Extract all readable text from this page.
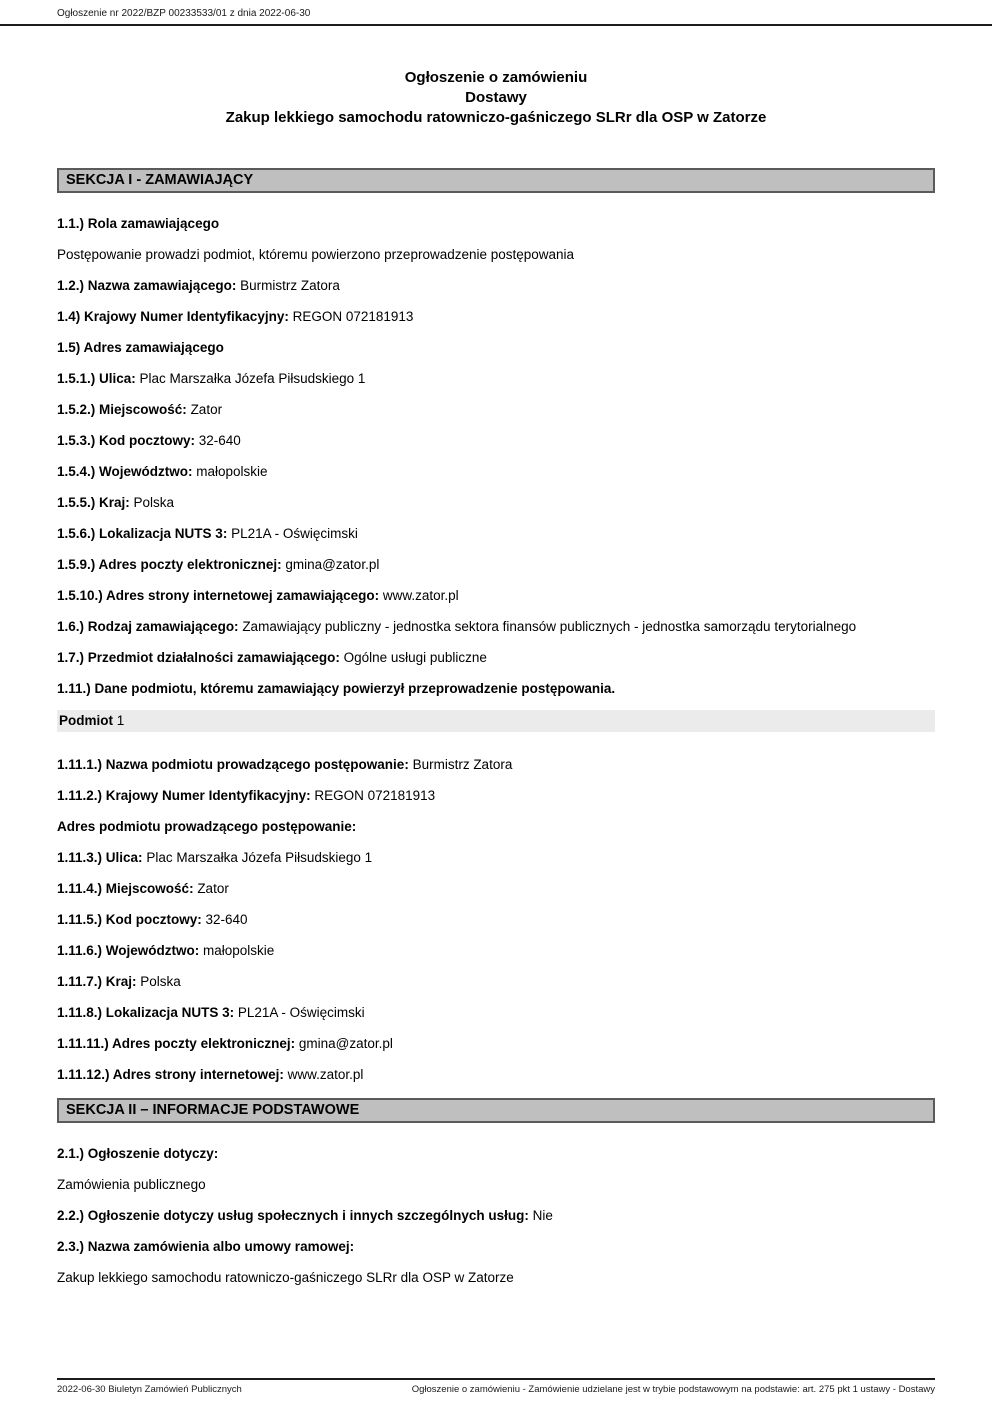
Ogłoszenie nr 2022/BZP 00233533/01 z dnia 2022-06-30
Ogłoszenie o zamówieniu
Dostawy
Zakup lekkiego samochodu ratowniczo-gaśniczego SLRr dla OSP w Zatorze
SEKCJA I - ZAMAWIAJĄCY

1.1.) Rola zamawiającego

Postępowanie prowadzi podmiot, któremu powierzono przeprowadzenie postępowania

1.2.) Nazwa zamawiającego: Burmistrz Zatora

1.4) Krajowy Numer Identyfikacyjny: REGON 072181913

1.5) Adres zamawiającego

1.5.1.) Ulica: Plac Marszałka Józefa Piłsudskiego 1

1.5.2.) Miejscowość: Zator

1.5.3.) Kod pocztowy: 32-640

1.5.4.) Województwo: małopolskie

1.5.5.) Kraj: Polska

1.5.6.) Lokalizacja NUTS 3: PL21A - Oświęcimski

1.5.9.) Adres poczty elektronicznej: gmina@zator.pl

1.5.10.) Adres strony internetowej zamawiającego: www.zator.pl

1.6.) Rodzaj zamawiającego: Zamawiający publiczny - jednostka sektora finansów publicznych - jednostka samorządu terytorialnego

1.7.) Przedmiot działalności zamawiającego: Ogólne usługi publiczne

1.11.) Dane podmiotu, któremu zamawiający powierzył przeprowadzenie postępowania.

Podmiot 1

1.11.1.) Nazwa podmiotu prowadzącego postępowanie: Burmistrz Zatora

1.11.2.) Krajowy Numer Identyfikacyjny: REGON 072181913

Adres podmiotu prowadzącego postępowanie:

1.11.3.) Ulica: Plac Marszałka Józefa Piłsudskiego 1

1.11.4.) Miejscowość: Zator

1.11.5.) Kod pocztowy: 32-640

1.11.6.) Województwo: małopolskie

1.11.7.) Kraj: Polska

1.11.8.) Lokalizacja NUTS 3: PL21A - Oświęcimski

1.11.11.) Adres poczty elektronicznej: gmina@zator.pl

1.11.12.) Adres strony internetowej: www.zator.pl

SEKCJA II – INFORMACJE PODSTAWOWE

2.1.) Ogłoszenie dotyczy:

Zamówienia publicznego

2.2.) Ogłoszenie dotyczy usług społecznych i innych szczególnych usług: Nie

2.3.) Nazwa zamówienia albo umowy ramowej:

Zakup lekkiego samochodu ratowniczo-gaśniczego SLRr dla OSP w Zatorze

2022-06-30 Biuletyn Zamówień Publicznych	Ogłoszenie o zamówieniu - Zamówienie udzielane jest w trybie podstawowym na podstawie: art. 275 pkt 1 ustawy - Dostawy
